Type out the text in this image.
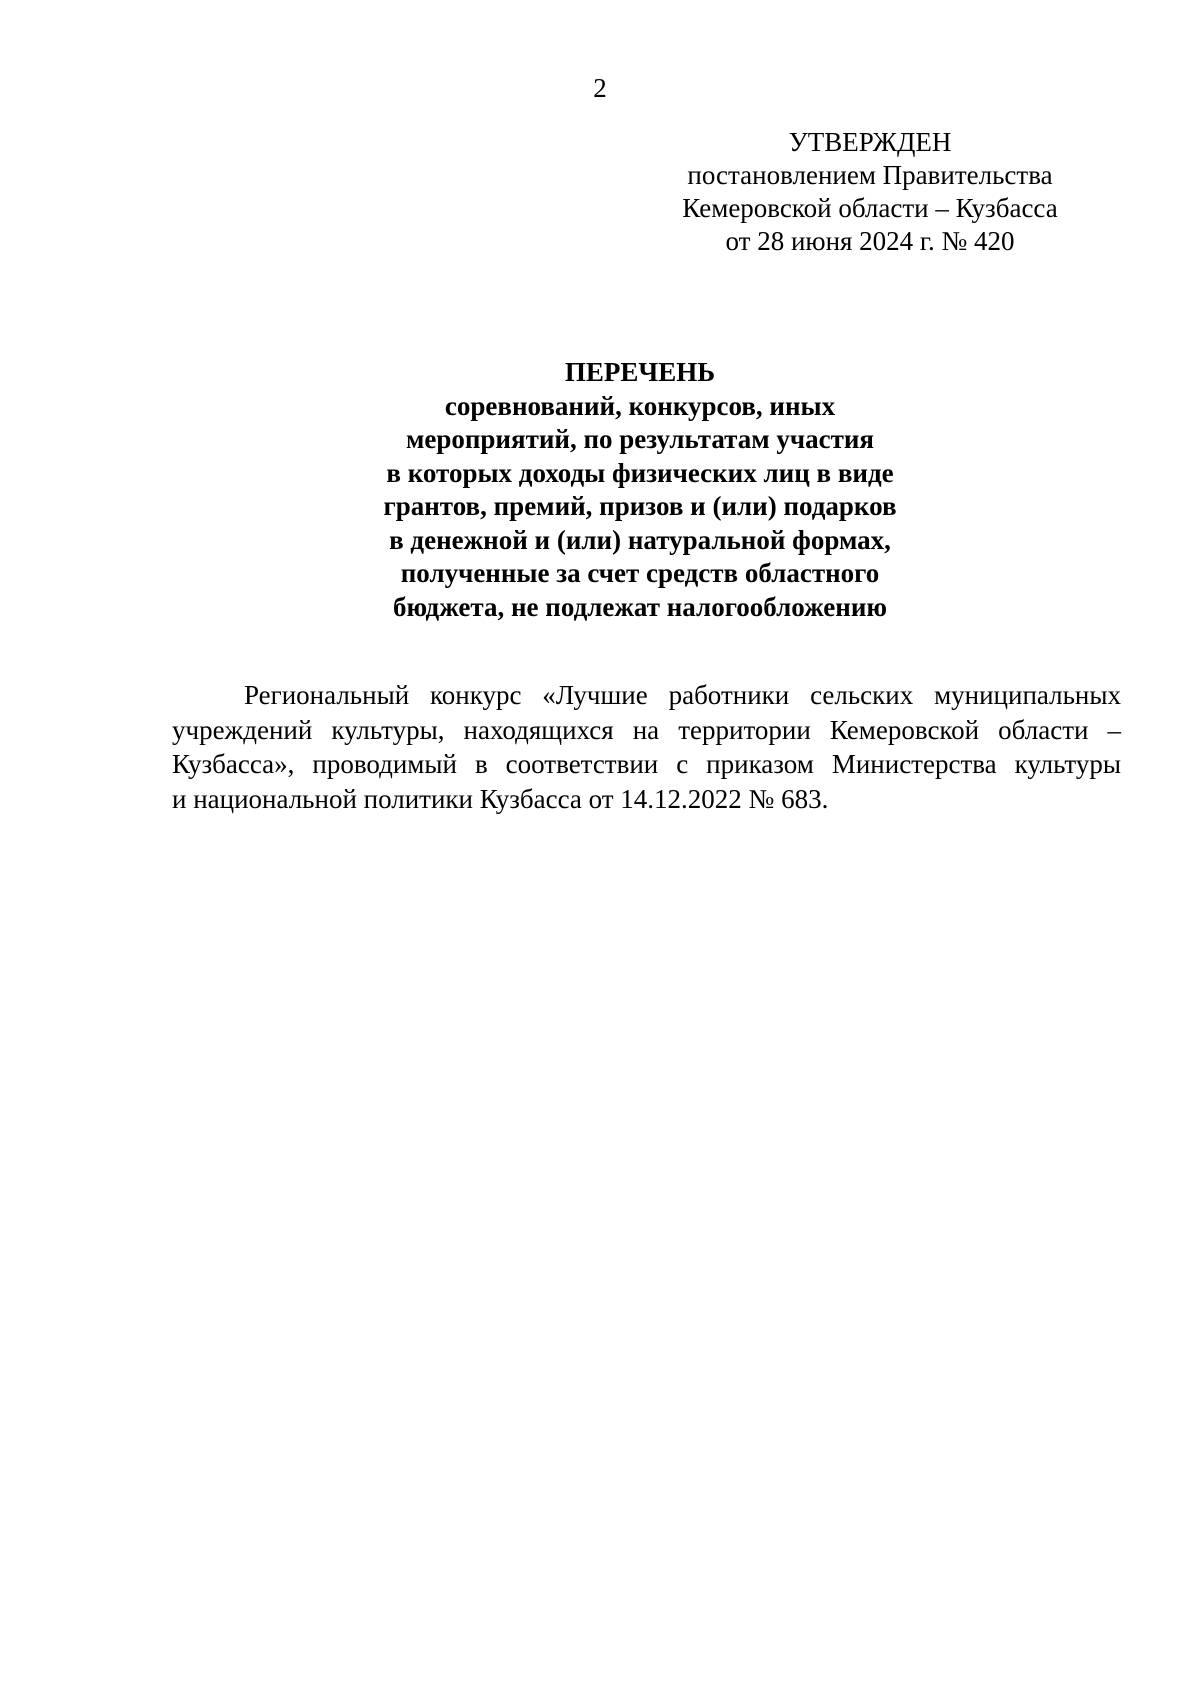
2
УТВЕРЖДЕН
постановлением Правительства
Кемеровской области – Кузбасса
от 28 июня 2024 г. № 420
ПЕРЕЧЕНЬ
соревнований, конкурсов, иных
мероприятий, по результатам участия
в которых доходы физических лиц в виде
грантов, премий, призов и (или) подарков
в денежной и (или) натуральной формах,
полученные за счет средств областного
бюджета, не подлежат налогообложению
Региональный конкурс «Лучшие работники сельских муниципальных
учреждений культуры, находящихся на территории Кемеровской области –
Кузбасса», проводимый в соответствии с приказом Министерства культуры
и национальной политики Кузбасса от 14.12.2022 № 683.
